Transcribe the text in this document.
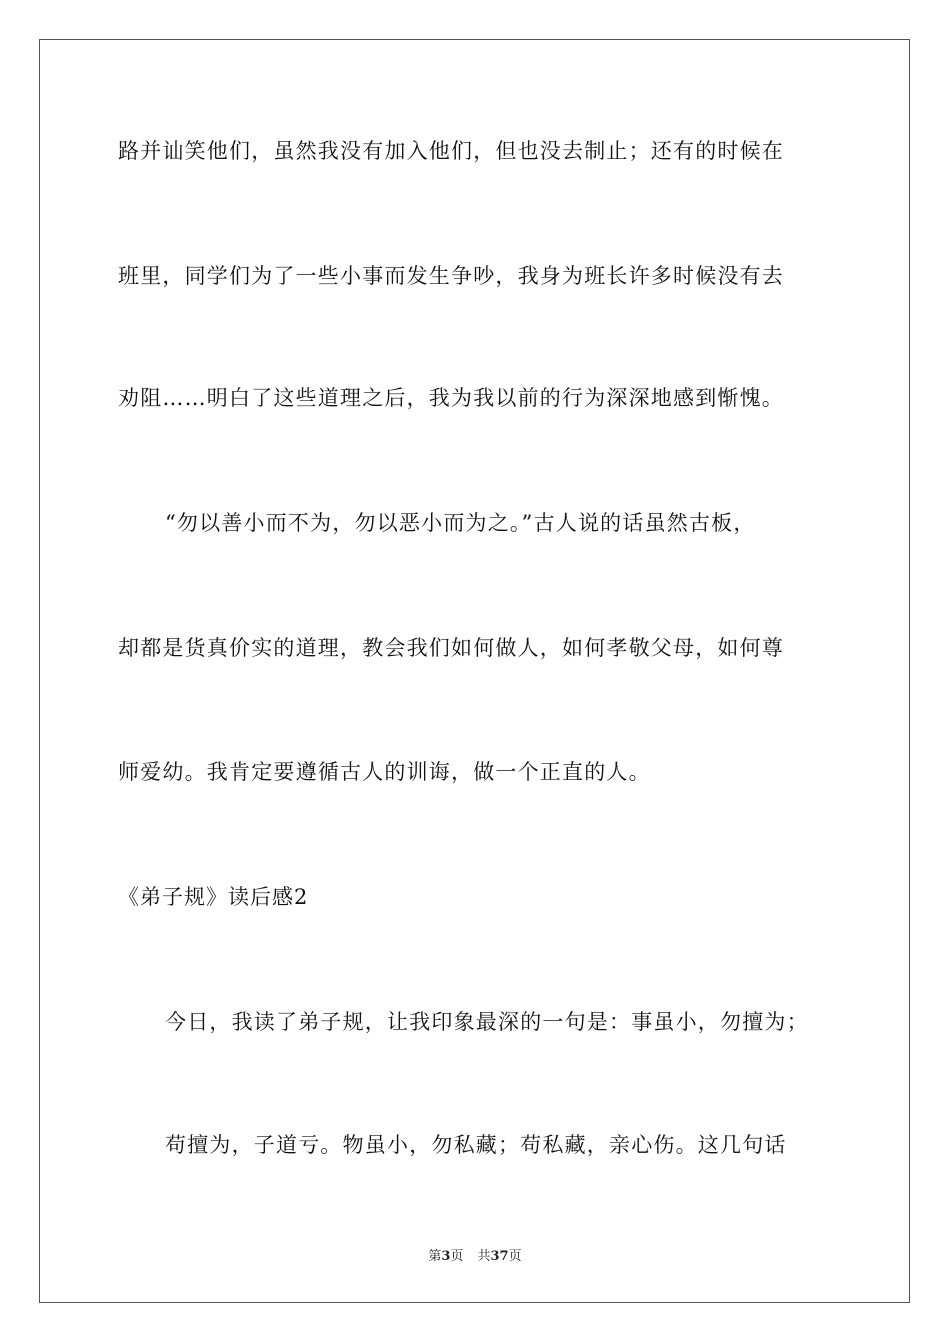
路并讪笑他们，虽然我没有加入他们，但也没去制止；还有的时候在
班里，同学们为了一些小事而发生争吵，我身为班长许多时候没有去
劝阻……明白了这些道理之后，我为我以前的行为深深地感到惭愧。
“勿以善小而不为，勿以恶小而为之。”古人说的话虽然古板，
却都是货真价实的道理，教会我们如何做人，如何孝敬父母，如何尊
师爱幼。我肯定要遵循古人的训诲，做一个正直的人。
《弟子规》读后感2
今日，我读了弟子规，让我印象最深的一句是：事虽小，勿擅为；
苟擅为，子道亏。物虽小，勿私藏；苟私藏，亲心伤。这几句话
第3页 共37页
